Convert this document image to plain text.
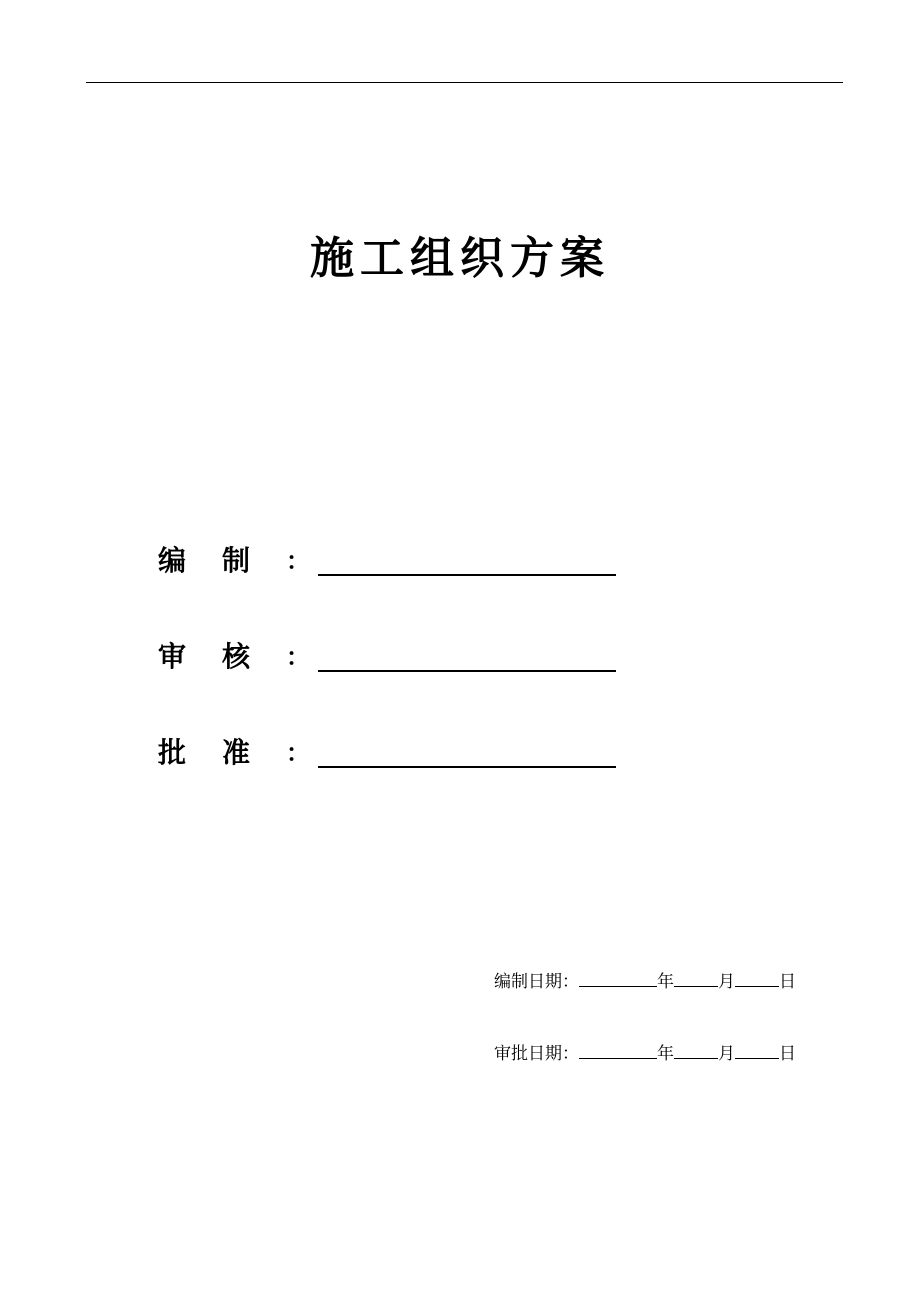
施工组织方案
编	制	：
审	核	：
批	准	：
编制日期：	年	月	日
审批日期：	年	月	日
